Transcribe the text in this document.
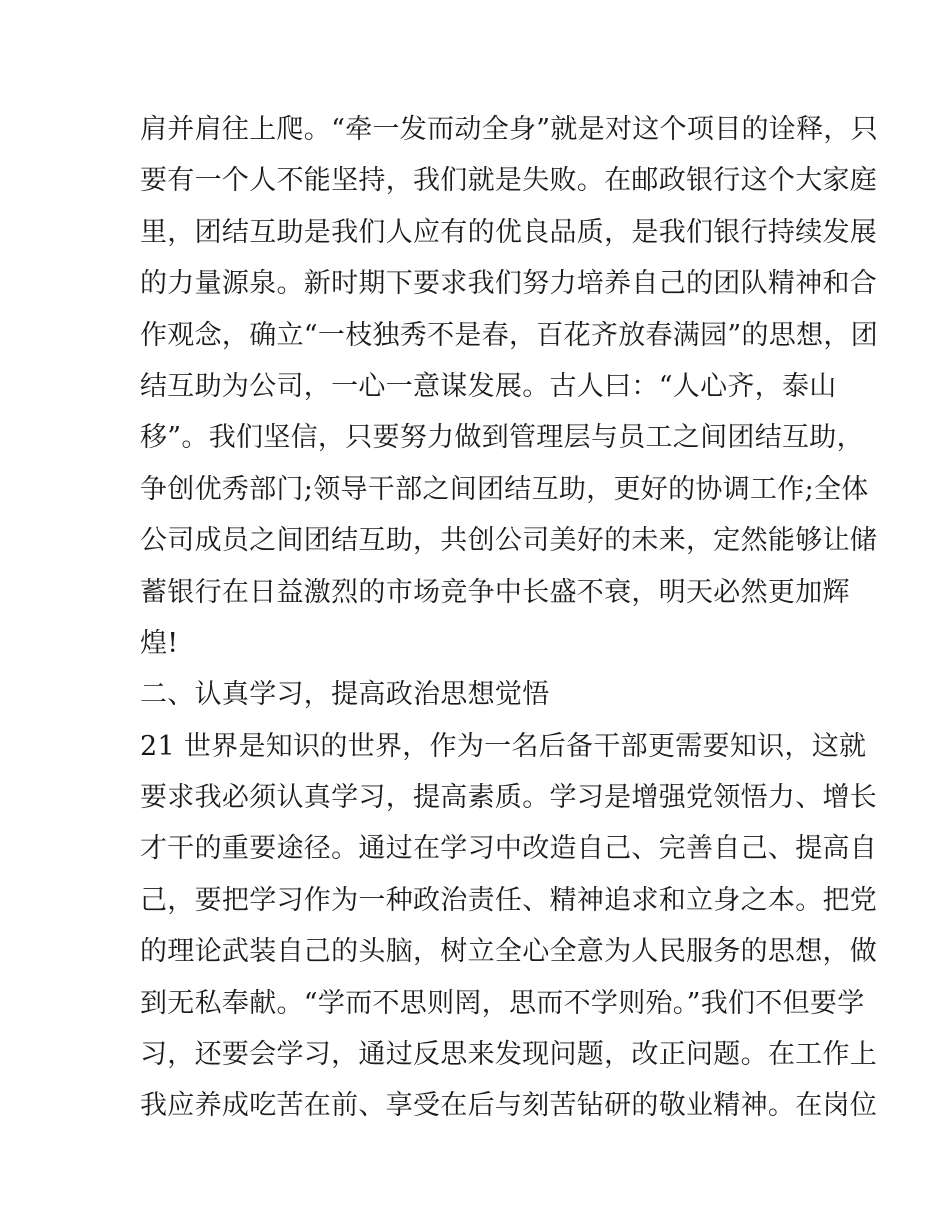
肩并肩往上爬。“牵一发而动全身”就是对这个项目的诠释，只
要有一个人不能坚持，我们就是失败。在邮政银行这个大家庭
里，团结互助是我们人应有的优良品质，是我们银行持续发展
的力量源泉。新时期下要求我们努力培养自己的团队精神和合
作观念，确立“一枝独秀不是春，百花齐放春满园”的思想，团
结互助为公司，一心一意谋发展。古人曰：“人心齐，泰山
移”。我们坚信，只要努力做到管理层与员工之间团结互助，
争创优秀部门;领导干部之间团结互助，更好的协调工作;全体
公司成员之间团结互助，共创公司美好的未来，定然能够让储
蓄银行在日益激烈的市场竞争中长盛不衰，明天必然更加辉
煌!
二、认真学习，提高政治思想觉悟
21 世界是知识的世界，作为一名后备干部更需要知识，这就
要求我必须认真学习，提高素质。学习是增强党领悟力、增长
才干的重要途径。通过在学习中改造自己、完善自己、提高自
己，要把学习作为一种政治责任、精神追求和立身之本。把党
的理论武装自己的头脑，树立全心全意为人民服务的思想，做
到无私奉献。“学而不思则罔，思而不学则殆。”我们不但要学
习，还要会学习，通过反思来发现问题，改正问题。在工作上
我应养成吃苦在前、享受在后与刻苦钻研的敬业精神。在岗位
